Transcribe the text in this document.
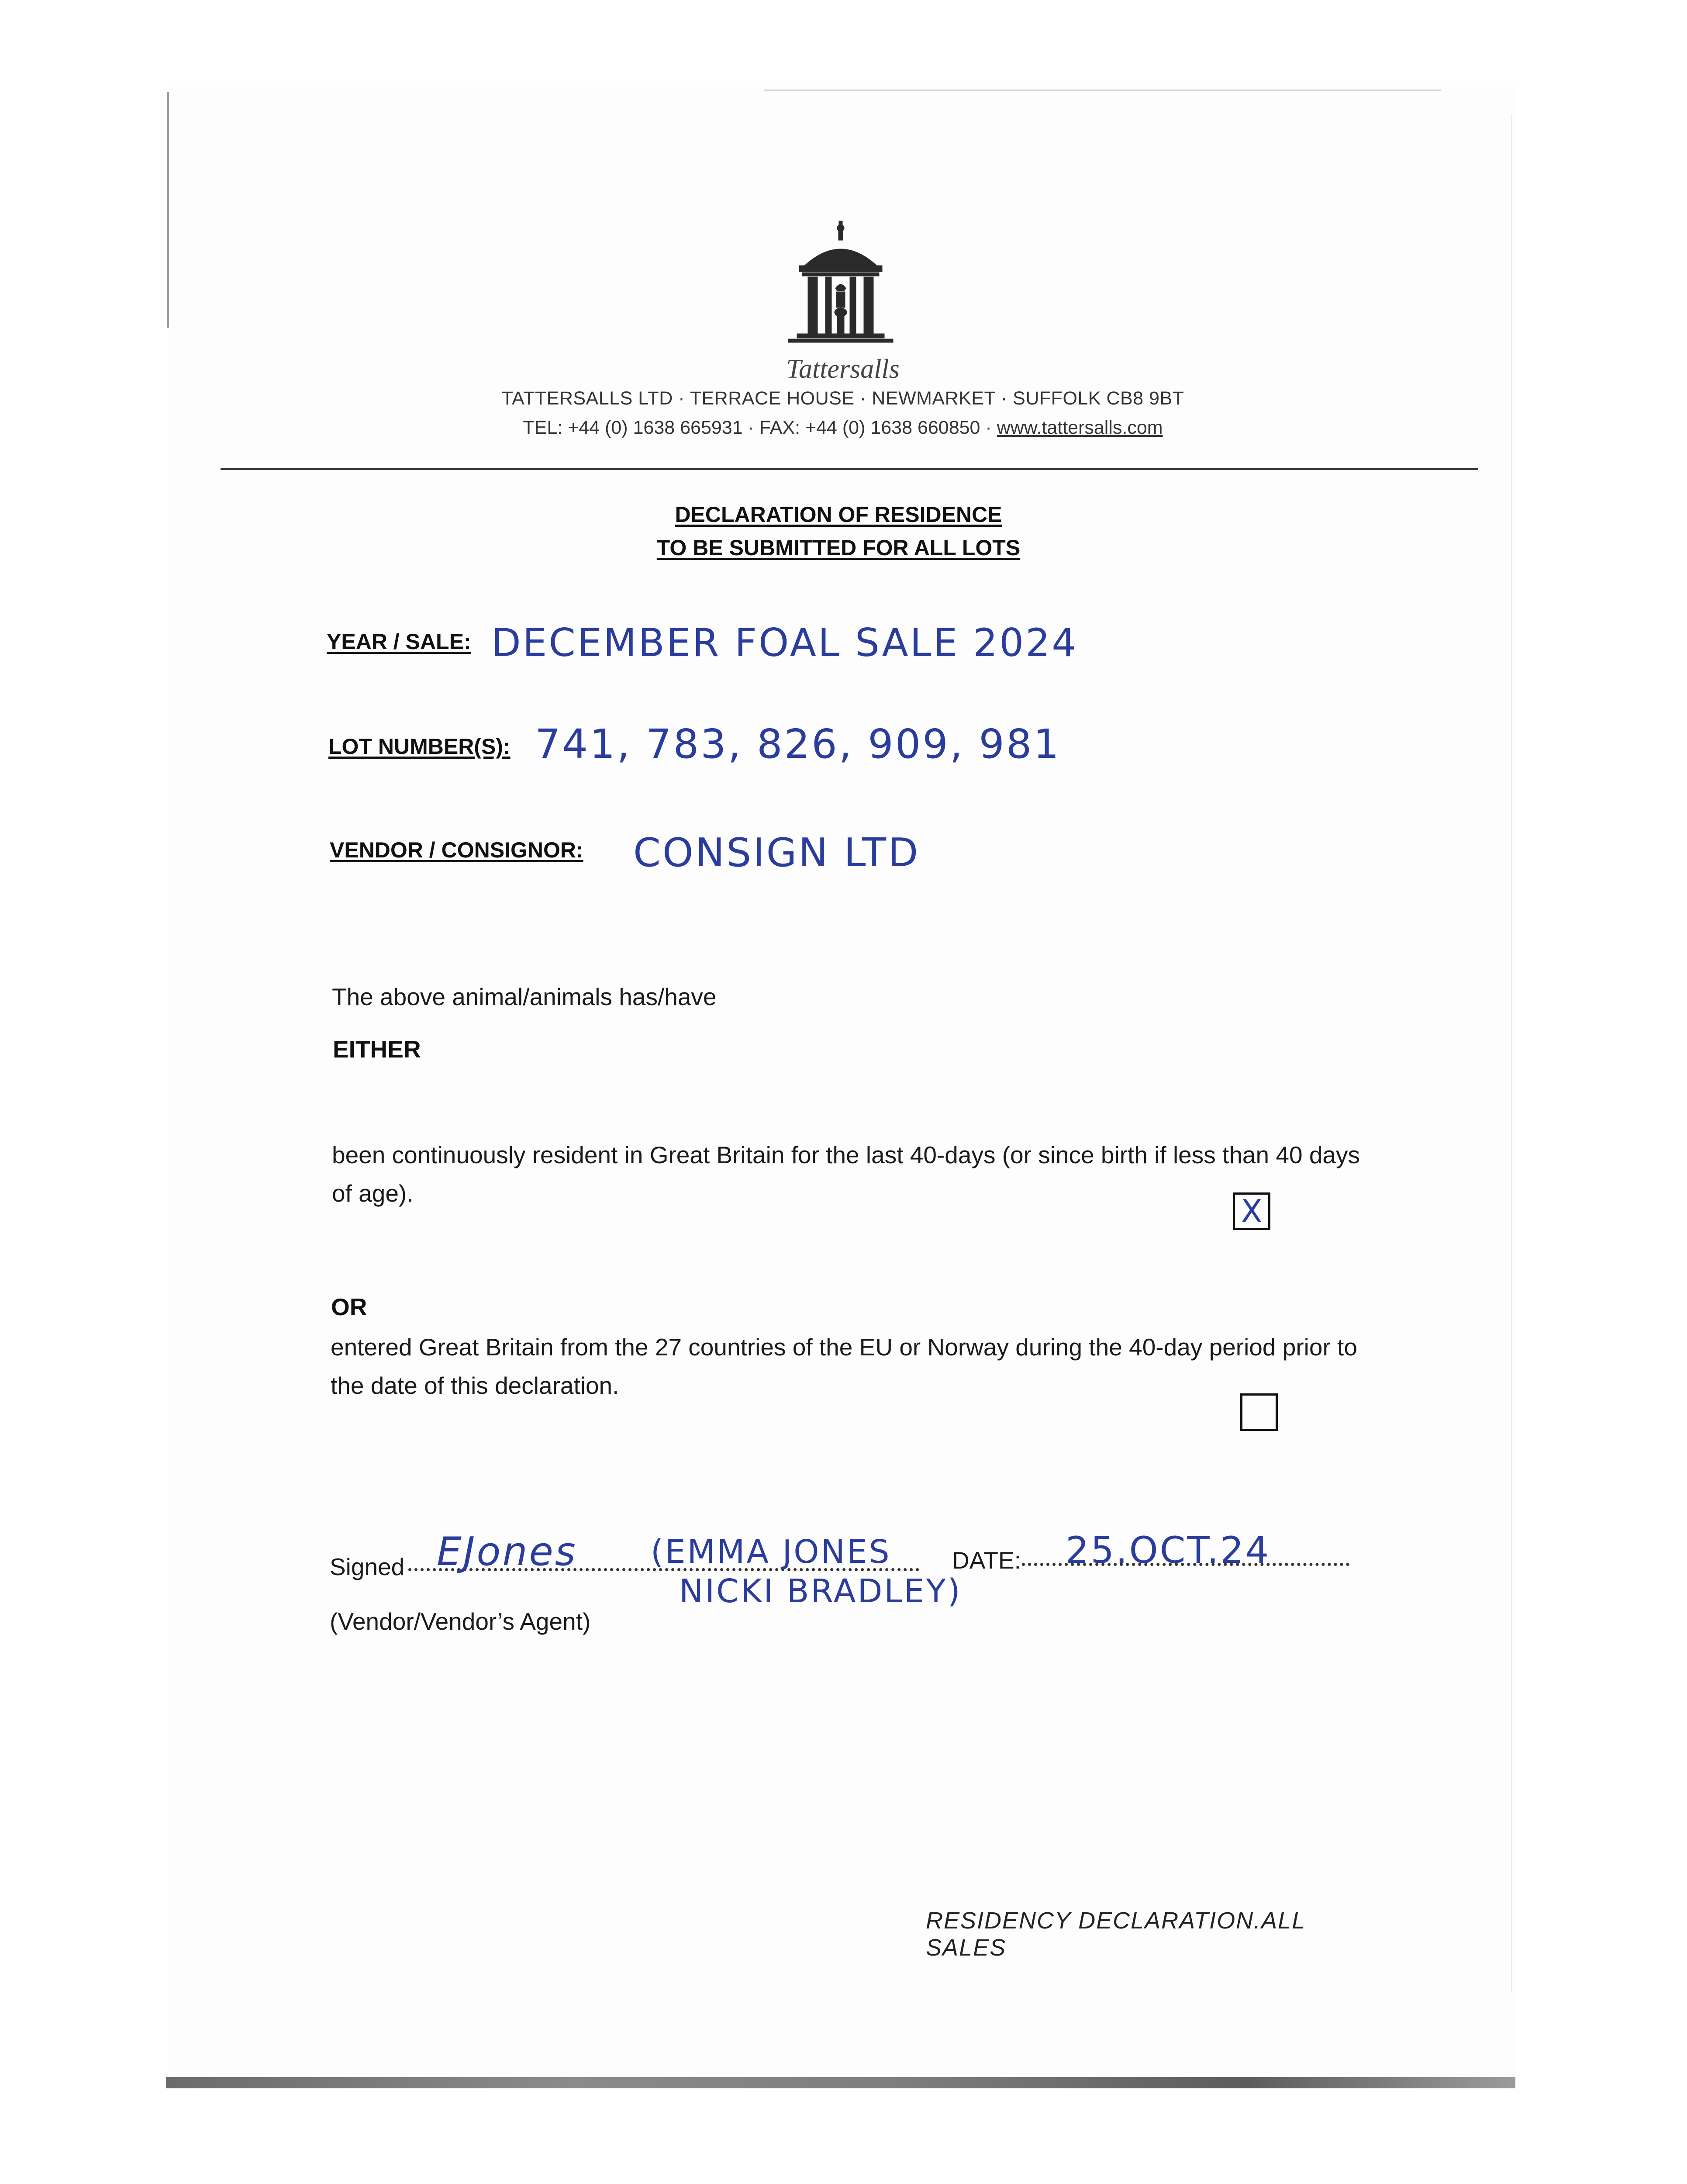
Tattersalls
TATTERSALLS LTD · TERRACE HOUSE · NEWMARKET · SUFFOLK CB8 9BT
TEL: +44 (0) 1638 665931 · FAX: +44 (0) 1638 660850 · www.tattersalls.com
DECLARATION OF RESIDENCE
TO BE SUBMITTED FOR ALL LOTS
YEAR / SALE: DECEMBER FOAL SALE 2024
LOT NUMBER(S): 741, 783, 826, 909, 981
VENDOR / CONSIGNOR: CONSIGN LTD
The above animal/animals has/have
EITHER
been continuously resident in Great Britain for the last 40-days (or since birth if less than 40 days of age).	X
OR
entered Great Britain from the 27 countries of the EU or Norway during the 40-day period prior to the date of this declaration.
Signed EJones (EMMA JONES
NICKI BRADLEY)
DATE: 25.OCT.24
(Vendor/Vendor’s Agent)
RESIDENCY DECLARATION.ALL SALES
